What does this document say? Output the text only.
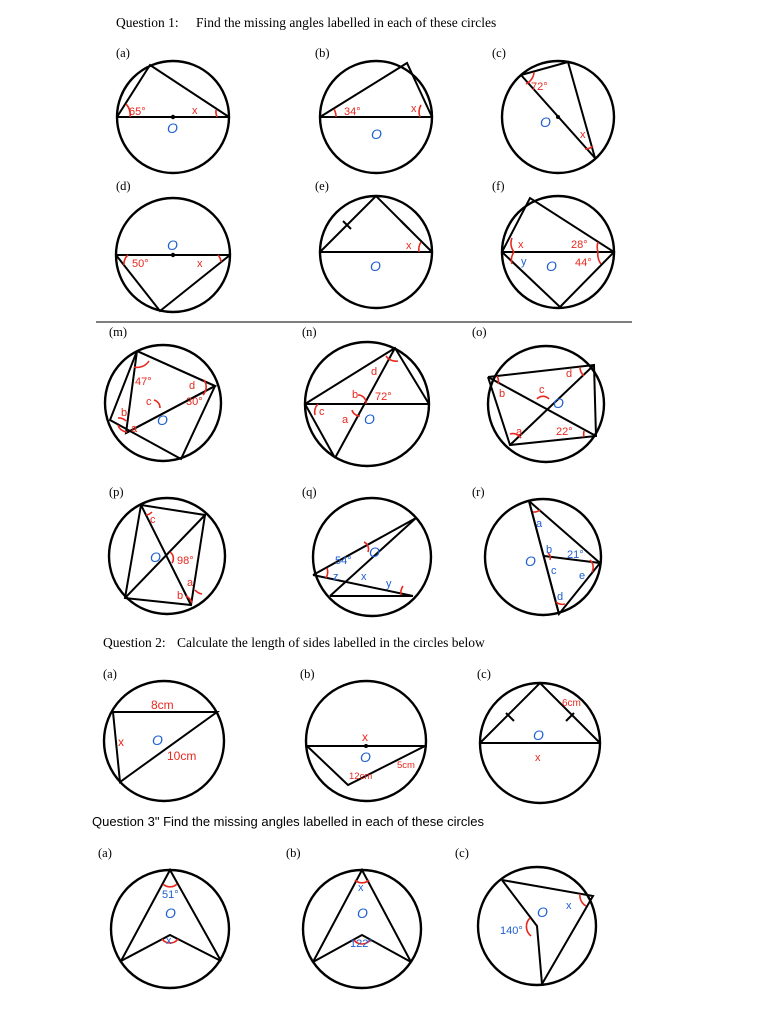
Question 1: Find the missing angles labelled in each of these circles
(a)
65°	x
O
(b)
34°	x
O
(c)
72°
x
O
(d)
50°	x
O
(e)
x
O
(f)
x
y
28°
44°
O
(m)
47°	d
c	30°
b
a
O
(n)
d
b 72°
c
a O
(o)
b	c
d
a	22°
O
(p)
c
98°
a
b
O
(q)
54°
z x
y
O
(r)
a
b 21°
c e
d
O
Question 2: Calculate the length of sides labelled in the circles below
(a)
8cm
x
10cm
O
(b)
x
5cm
12cm
O
(c)
6cm
x
O
Question 3" Find the missing angles labelled in each of these circles
(a)
51°
x
O
(b)
x
122°
O
(c)
x
140°
O
